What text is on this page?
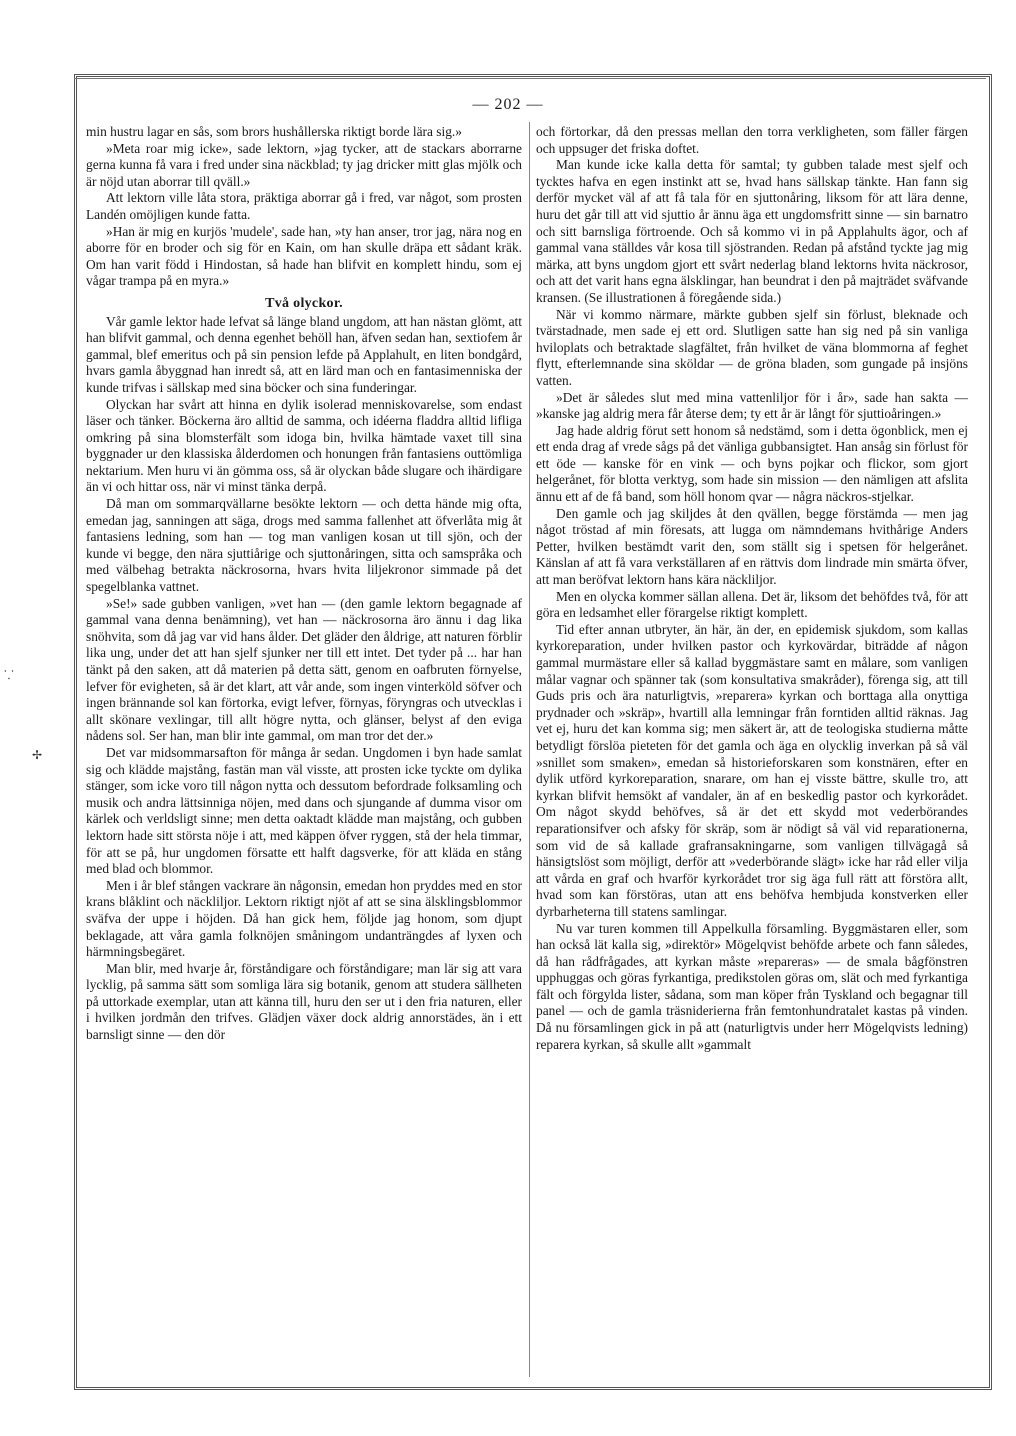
— 202 —

min hustru lagar en sås, som brors hushållerska riktigt borde lära sig.»

»Meta roar mig icke», sade lektorn, »jag tycker, att de stackars aborrarne gerna kunna få vara i fred under sina näckblad; ty jag dricker mitt glas mjölk och är nöjd utan aborrar till qväll.»

Att lektorn ville låta stora, präktiga aborrar gå i fred, var något, som prosten Landén omöjligen kunde fatta.

»Han är mig en kurjös 'mudele', sade han, »ty han anser, tror jag, nära nog en aborre för en broder och sig för en Kain, om han skulle dräpa ett sådant kräk. Om han varit född i Hindostan, så hade han blifvit en komplett hindu, som ej vågar trampa på en myra.»

Två olyckor.

Vår gamle lektor hade lefvat så länge bland ungdom, att han nästan glömt, att han blifvit gammal, och denna egenhet behöll han, äfven sedan han, sextiofem år gammal, blef emeritus och på sin pension lefde på Applahult, en liten bondgård, hvars gamla åbyggnad han inredt så, att en lärd man och en fantasimenniska der kunde trifvas i sällskap med sina böcker och sina funderingar.

Olyckan har svårt att hinna en dylik isolerad menniskovarelse, som endast läser och tänker. Böckerna äro alltid de samma, och idéerna fladdra alltid lifliga omkring på sina blomsterfält som idoga bin, hvilka hämtade vaxet till sina byggnader ur den klassiska ålderdomen och honungen från fantasiens outtömliga nektarium. Men huru vi än gömma oss, så är olyckan både slugare och ihärdigare än vi och hittar oss, när vi minst tänka derpå.

Då man om sommarqvällarne besökte lektorn — och detta hände mig ofta, emedan jag, sanningen att säga, drogs med samma fallenhet att öfverlåta mig åt fantasiens ledning, som han — tog man vanligen kosan ut till sjön, och der kunde vi begge, den nära sjuttiårige och sjuttonåringen, sitta och samspråka och med välbehag betrakta näckrosorna, hvars hvita liljekronor simmade på det spegelblanka vattnet.

»Se!» sade gubben vanligen, »vet han — (den gamle lektorn begagnade af gammal vana denna benämning), vet han — näckrosorna äro ännu i dag lika snöhvita, som då jag var vid hans ålder. Det gläder den åldrige, att naturen förblir lika ung, under det att han sjelf sjunker ner till ett intet. Det tyder på ... har han tänkt på den saken, att då materien på detta sätt, genom en oafbruten förnyelse, lefver för evigheten, så är det klart, att vår ande, som ingen vinterköld söfver och ingen brännande sol kan förtorka, evigt lefver, förnyas, föryngras och utvecklas i allt skönare vexlingar, till allt högre nytta, och glänser, belyst af den eviga nådens sol. Ser han, man blir inte gammal, om man tror det der.»

Det var midsommarsafton för många år sedan. Ungdomen i byn hade samlat sig och klädde majstång, fastän man väl visste, att prosten icke tyckte om dylika stänger, som icke voro till någon nytta och dessutom befordrade folksamling och musik och andra lättsinniga nöjen, med dans och sjungande af dumma visor om kärlek och verldsligt sinne; men detta oaktadt klädde man majstång, och gubben lektorn hade sitt största nöje i att, med käppen öfver ryggen, stå der hela timmar, för att se på, hur ungdomen försatte ett halft dagsverke, för att kläda en stång med blad och blommor.

Men i år blef stången vackrare än någonsin, emedan hon pryddes med en stor krans blåklint och näckliljor. Lektorn riktigt njöt af att se sina älsklingsblommor sväfva der uppe i höjden. Då han gick hem, följde jag honom, som djupt beklagade, att våra gamla folknöjen småningom undanträngdes af lyxen och härmningsbegäret.

Man blir, med hvarje år, förståndigare och förståndigare; man lär sig att vara lycklig, på samma sätt som somliga lära sig botanik, genom att studera sällheten på uttorkade exemplar, utan att känna till, huru den ser ut i den fria naturen, eller i hvilken jordmån den trifves. Glädjen växer dock aldrig annorstädes, än i ett barnsligt sinne — den dör

och förtorkar, då den pressas mellan den torra verkligheten, som fäller färgen och uppsuger det friska doftet.

Man kunde icke kalla detta för samtal; ty gubben talade mest sjelf och tycktes hafva en egen instinkt att se, hvad hans sällskap tänkte. Han fann sig derför mycket väl af att få tala för en sjuttonåring, liksom för att lära denne, huru det går till att vid sjuttio år ännu äga ett ungdomsfritt sinne — sin barnatro och sitt barnsliga förtroende. Och så kommo vi in på Applahults ägor, och af gammal vana ställdes vår kosa till sjöstranden. Redan på afstånd tyckte jag mig märka, att byns ungdom gjort ett svårt nederlag bland lektorns hvita näckrosor, och att det varit hans egna älsklingar, han beundrat i den på majträdet sväfvande kransen. (Se illustrationen å föregående sida.)

När vi kommo närmare, märkte gubben sjelf sin förlust, bleknade och tvärstadnade, men sade ej ett ord. Slutligen satte han sig ned på sin vanliga hviloplats och betraktade slagfältet, från hvilket de väna blommorna af feghet flytt, efterlemnande sina sköldar — de gröna bladen, som gungade på insjöns vatten.

»Det är således slut med mina vattenliljor för i år», sade han sakta — »kanske jag aldrig mera får återse dem; ty ett år är långt för sjuttioåringen.»

Jag hade aldrig förut sett honom så nedstämd, som i detta ögonblick, men ej ett enda drag af vrede sågs på det vänliga gubbansigtet. Han ansåg sin förlust för ett öde — kanske för en vink — och byns pojkar och flickor, som gjort helgerånet, för blotta verktyg, som hade sin mission — den nämligen att afslita ännu ett af de få band, som höll honom qvar — några näckros-stjelkar.

Den gamle och jag skiljdes åt den qvällen, begge förstämda — men jag något tröstad af min föresats, att lugga om nämndemans hvithårige Anders Petter, hvilken bestämdt varit den, som ställt sig i spetsen för helgerånet. Känslan af att få vara verkställaren af en rättvis dom lindrade min smärta öfver, att man beröfvat lektorn hans kära näckliljor.

Men en olycka kommer sällan allena. Det är, liksom det behöfdes två, för att göra en ledsamhet eller förargelse riktigt komplett.

Tid efter annan utbryter, än här, än der, en epidemisk sjukdom, som kallas kyrkoreparation, under hvilken pastor och kyrkovärdar, biträdde af någon gammal murmästare eller så kallad byggmästare samt en målare, som vanligen målar vagnar och spänner tak (som konsultativa smakråder), förenga sig, att till Guds pris och ära naturligtvis, »reparera» kyrkan och borttaga alla onyttiga prydnader och »skräp», hvartill alla lemningar från forntiden alltid räknas. Jag vet ej, huru det kan komma sig; men säkert är, att de teologiska studierna måtte betydligt förslöa pieteten för det gamla och äga en olycklig inverkan på så väl »snillet som smaken», emedan så historieforskaren som konstnären, efter en dylik utförd kyrkoreparation, snarare, om han ej visste bättre, skulle tro, att kyrkan blifvit hemsökt af vandaler, än af en beskedlig pastor och kyrkorådet. Om något skydd behöfves, så är det ett skydd mot vederbörandes reparationsifver och afsky för skräp, som är nödigt så väl vid reparationerna, som vid de så kallade grafransakningarne, som vanligen tillvägagå så hänsigtslöst som möjligt, derför att »vederbörande slägt» icke har råd eller vilja att vårda en graf och hvarför kyrkorådet tror sig äga full rätt att förstöra allt, hvad som kan förstöras, utan att ens behöfva hembjuda konstverken eller dyrbarheterna till statens samlingar.

Nu var turen kommen till Appelkulla församling. Byggmästaren eller, som han också lät kalla sig, »direktör» Mögelqvist behöfde arbete och fann således, då han rådfrågades, att kyrkan måste »repareras» — de smala bågfönstren upphuggas och göras fyrkantiga, predikstolen göras om, slät och med fyrkantiga fält och förgylda lister, sådana, som man köper från Tyskland och begagnar till panel — och de gamla träsniderierna från femtonhundratalet kastas på vinden. Då nu församlingen gick in på att (naturligtvis under herr Mögelqvists ledning) reparera kyrkan, så skulle allt »gammalt

⸪
✢
